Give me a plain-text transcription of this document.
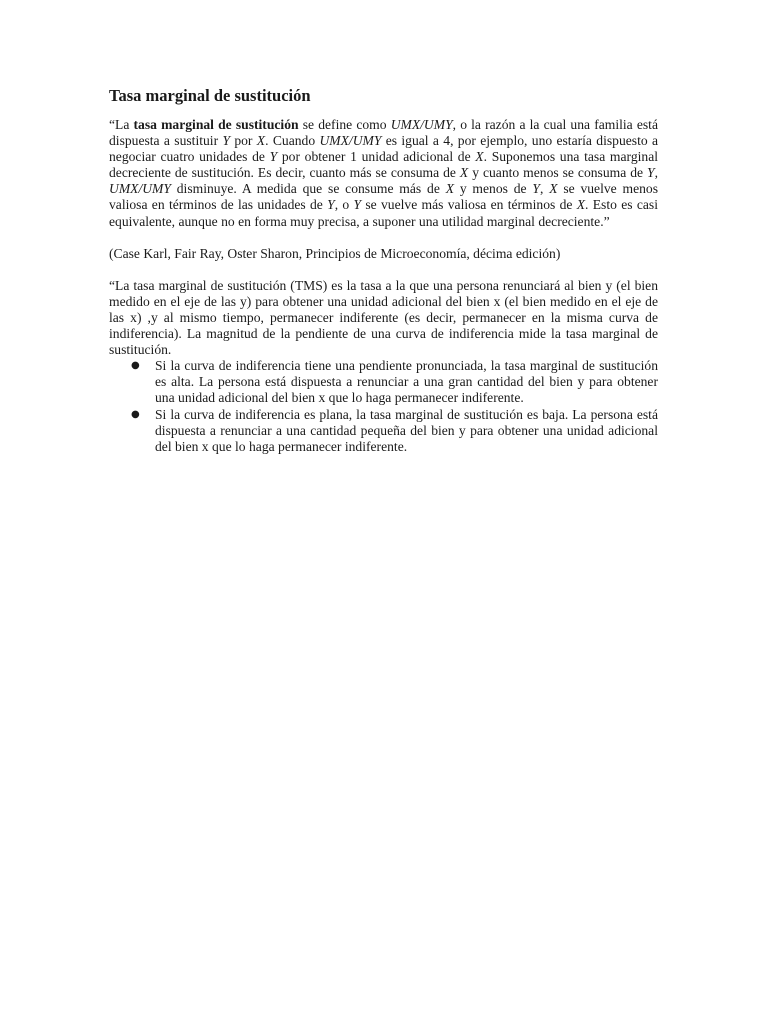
Tasa marginal de sustitución

“La tasa marginal de sustitución se define como UMX/UMY, o la razón a la cual una familia está dispuesta a sustituir Y por X. Cuando UMX/UMY es igual a 4, por ejemplo, uno estaría dispuesto a negociar cuatro unidades de Y por obtener 1 unidad adicional de X. Suponemos una tasa marginal decreciente de sustitución. Es decir, cuanto más se consuma de X y cuanto menos se consuma de Y, UMX/UMY disminuye. A medida que se consume más de X y menos de Y, X se vuelve menos valiosa en términos de las unidades de Y, o Y se vuelve más valiosa en términos de X. Esto es casi equivalente, aunque no en forma muy precisa, a suponer una utilidad marginal decreciente.”

(Case Karl, Fair Ray, Oster Sharon, Principios de Microeconomía, décima edición)

“La tasa marginal de sustitución (TMS) es la tasa a la que una persona renunciará al bien y (el bien medido en el eje de las y) para obtener una unidad adicional del bien x (el bien medido en el eje de las x) ,y al mismo tiempo, permanecer indiferente (es decir, permanecer en la misma curva de indiferencia). La magnitud de la pendiente de una curva de indiferencia mide la tasa marginal de sustitución.

● Si la curva de indiferencia tiene una pendiente pronunciada, la tasa marginal de sustitución es alta. La persona está dispuesta a renunciar a una gran cantidad del bien y para obtener una unidad adicional del bien x que lo haga permanecer indiferente.
● Si la curva de indiferencia es plana, la tasa marginal de sustitución es baja. La persona está dispuesta a renunciar a una cantidad pequeña del bien y para obtener una unidad adicional del bien x que lo haga permanecer indiferente.
